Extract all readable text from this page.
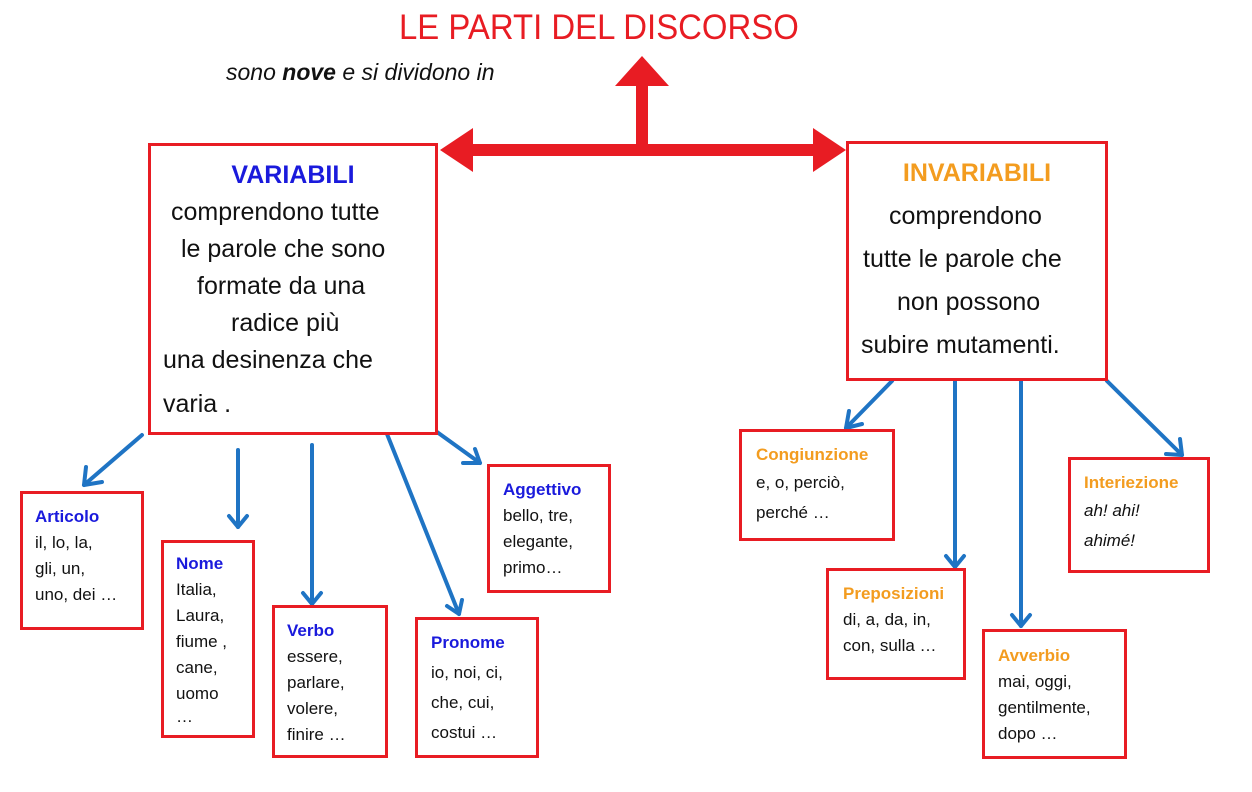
LE PARTI DEL DISCORSO
sono nove e si dividono in
VARIABILI
comprendono tutte
le parole che sono
formate da una
radice più
una desinenza che
varia .
INVARIABILI
comprendono
tutte le parole che
non possono
subire mutamenti.
Articolo
il, lo, la,
gli, un,
uno, dei …
Nome
Italia,
Laura,
fiume ,
cane,
uomo
…
Verbo
essere,
parlare,
volere,
finire …
Pronome
io, noi, ci,
che, cui,
costui …
Aggettivo
bello, tre,
elegante,
primo…
Congiunzione
e, o, perciò,
perché …
Preposizioni
di, a, da, in,
con, sulla …
Avverbio
mai, oggi,
gentilmente,
dopo …
Interiezione
ah! ahi!
ahimé!
